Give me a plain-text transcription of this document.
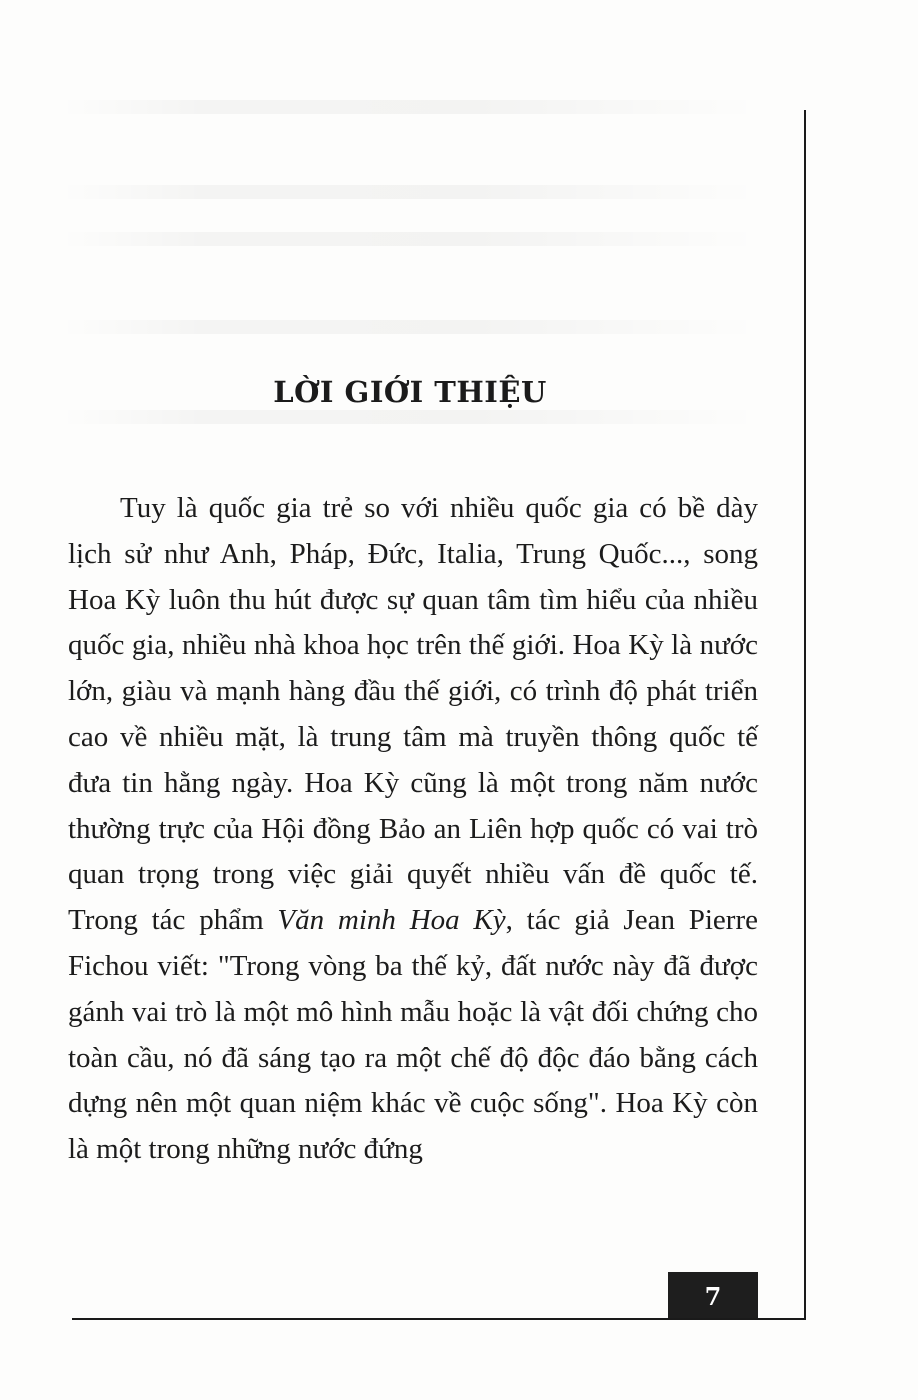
LỜI GIỚI THIỆU

Tuy là quốc gia trẻ so với nhiều quốc gia có bề dày lịch sử như Anh, Pháp, Đức, Italia, Trung Quốc..., song Hoa Kỳ luôn thu hút được sự quan tâm tìm hiểu của nhiều quốc gia, nhiều nhà khoa học trên thế giới. Hoa Kỳ là nước lớn, giàu và mạnh hàng đầu thế giới, có trình độ phát triển cao về nhiều mặt, là trung tâm mà truyền thông quốc tế đưa tin hằng ngày. Hoa Kỳ cũng là một trong năm nước thường trực của Hội đồng Bảo an Liên hợp quốc có vai trò quan trọng trong việc giải quyết nhiều vấn đề quốc tế. Trong tác phẩm Văn minh Hoa Kỳ, tác giả Jean Pierre Fichou viết: "Trong vòng ba thế kỷ, đất nước này đã được gánh vai trò là một mô hình mẫu hoặc là vật đối chứng cho toàn cầu, nó đã sáng tạo ra một chế độ độc đáo bằng cách dựng nên một quan niệm khác về cuộc sống". Hoa Kỳ còn là một trong những nước đứng

7
